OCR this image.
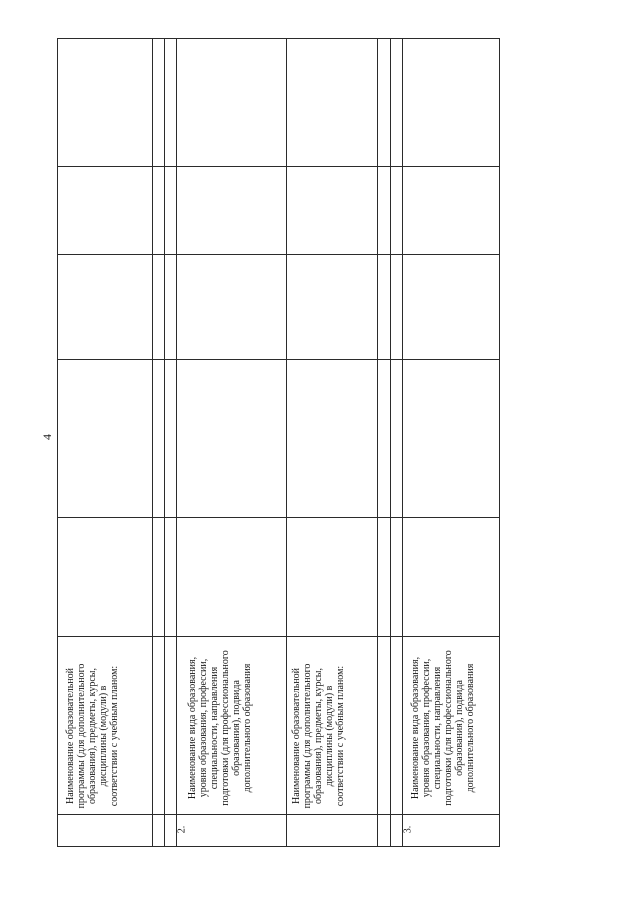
4
Наименование образовательной
программы (для дополнительного
образования), предметы, курсы,
дисциплины (модули) в
соответствии с учебным планом:
2.
Наименование вида образования,
уровня образования, профессии,
специальности, направления
подготовки (для профессионального
образования), подвида
дополнительного образования
Наименование образовательной
программы (для дополнительного
образования), предметы, курсы,
дисциплины (модули) в
соответствии с учебным планом:
3.
Наименование вида образования,
уровня образования, профессии,
специальности, направления
подготовки (для профессионального
образования), подвида
дополнительного образования
